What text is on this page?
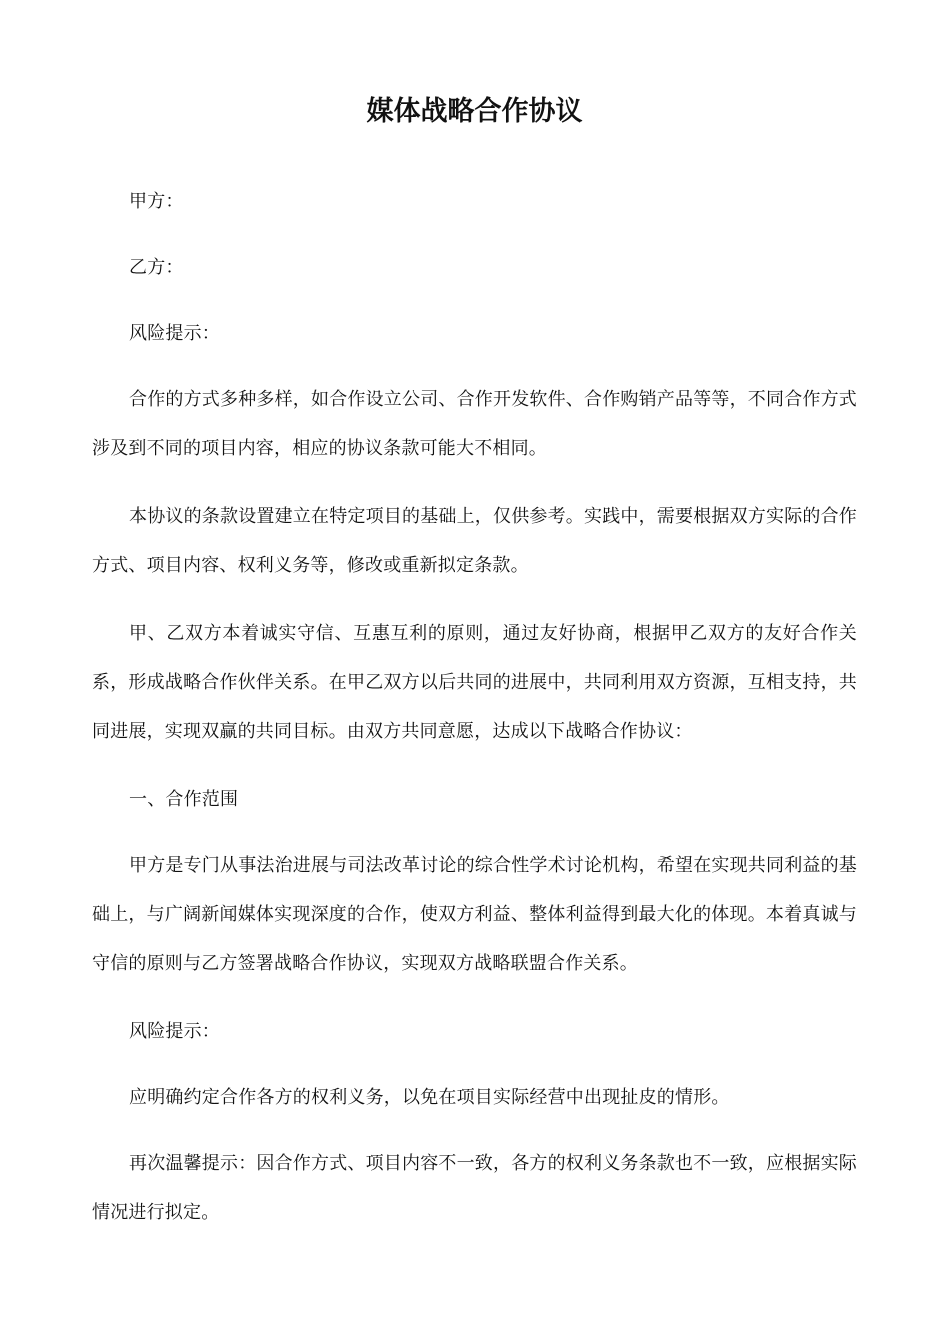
媒体战略合作协议

甲方：

乙方：

风险提示：

合作的方式多种多样，如合作设立公司、合作开发软件、合作购销产品等等，不同合作方式涉及到不同的项目内容，相应的协议条款可能大不相同。

本协议的条款设置建立在特定项目的基础上，仅供参考。实践中，需要根据双方实际的合作方式、项目内容、权利义务等，修改或重新拟定条款。

甲、乙双方本着诚实守信、互惠互利的原则，通过友好协商，根据甲乙双方的友好合作关系，形成战略合作伙伴关系。在甲乙双方以后共同的进展中，共同利用双方资源，互相支持，共同进展，实现双赢的共同目标。由双方共同意愿，达成以下战略合作协议：

一、合作范围

甲方是专门从事法治进展与司法改革讨论的综合性学术讨论机构，希望在实现共同利益的基础上，与广阔新闻媒体实现深度的合作，使双方利益、整体利益得到最大化的体现。本着真诚与守信的原则与乙方签署战略合作协议，实现双方战略联盟合作关系。

风险提示：

应明确约定合作各方的权利义务，以免在项目实际经营中出现扯皮的情形。

再次温馨提示：因合作方式、项目内容不一致，各方的权利义务条款也不一致，应根据实际情况进行拟定。
